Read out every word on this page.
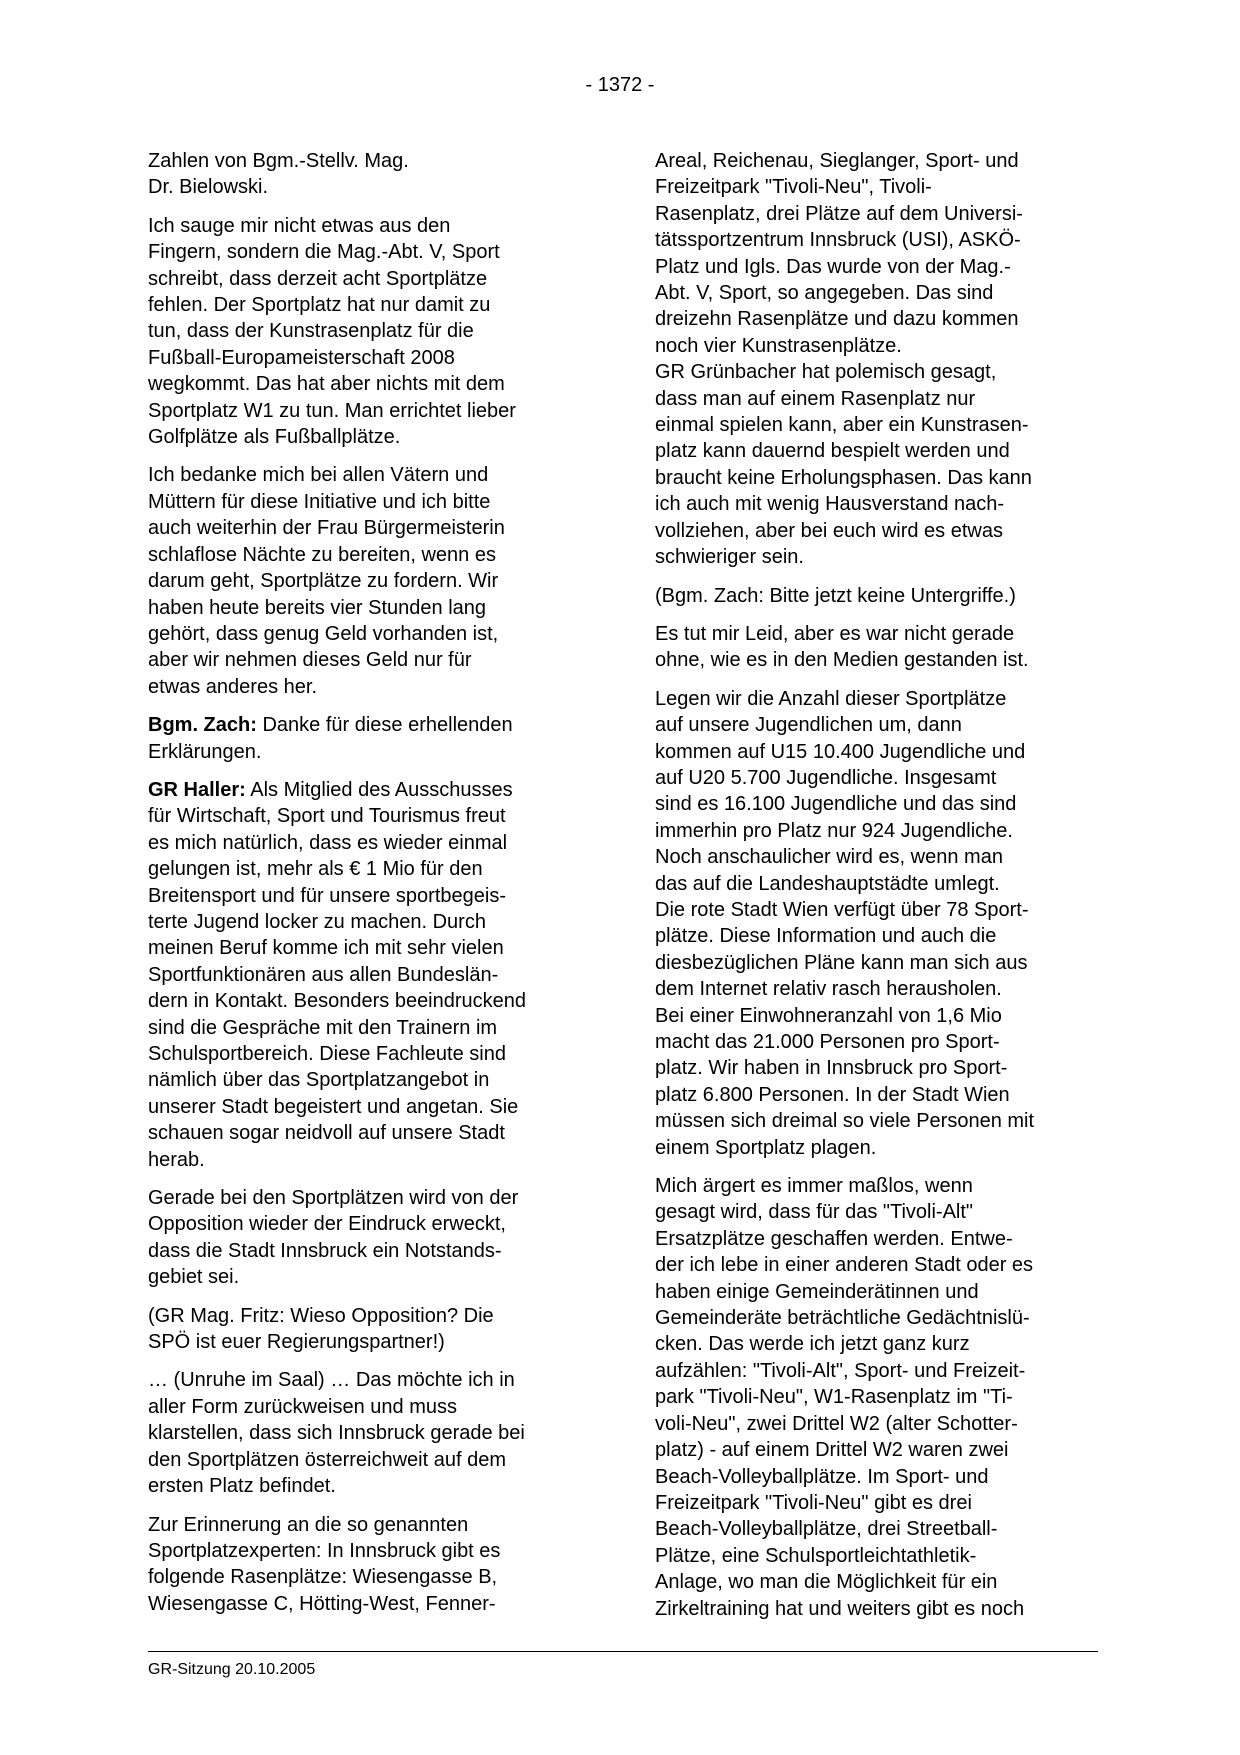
- 1372 -

Zahlen von Bgm.-Stellv. Mag.
Dr. Bielowski.

Ich sauge mir nicht etwas aus den
Fingern, sondern die Mag.-Abt. V, Sport
schreibt, dass derzeit acht Sportplätze
fehlen. Der Sportplatz hat nur damit zu
tun, dass der Kunstrasenplatz für die
Fußball-Europameisterschaft 2008
wegkommt. Das hat aber nichts mit dem
Sportplatz W1 zu tun. Man errichtet lieber
Golfplätze als Fußballplätze.

Ich bedanke mich bei allen Vätern und
Müttern für diese Initiative und ich bitte
auch weiterhin der Frau Bürgermeisterin
schlaflose Nächte zu bereiten, wenn es
darum geht, Sportplätze zu fordern. Wir
haben heute bereits vier Stunden lang
gehört, dass genug Geld vorhanden ist,
aber wir nehmen dieses Geld nur für
etwas anderes her.

Bgm. Zach: Danke für diese erhellenden
Erklärungen.

GR Haller: Als Mitglied des Ausschusses
für Wirtschaft, Sport und Tourismus freut
es mich natürlich, dass es wieder einmal
gelungen ist, mehr als € 1 Mio für den
Breitensport und für unsere sportbegeis-
terte Jugend locker zu machen. Durch
meinen Beruf komme ich mit sehr vielen
Sportfunktionären aus allen Bundeslän-
dern in Kontakt. Besonders beeindruckend
sind die Gespräche mit den Trainern im
Schulsportbereich. Diese Fachleute sind
nämlich über das Sportplatzangebot in
unserer Stadt begeistert und angetan. Sie
schauen sogar neidvoll auf unsere Stadt
herab.

Gerade bei den Sportplätzen wird von der
Opposition wieder der Eindruck erweckt,
dass die Stadt Innsbruck ein Notstands-
gebiet sei.

(GR Mag. Fritz: Wieso Opposition? Die
SPÖ ist euer Regierungspartner!)

… (Unruhe im Saal) … Das möchte ich in
aller Form zurückweisen und muss
klarstellen, dass sich Innsbruck gerade bei
den Sportplätzen österreichweit auf dem
ersten Platz befindet.

Zur Erinnerung an die so genannten
Sportplatzexperten: In Innsbruck gibt es
folgende Rasenplätze: Wiesengasse B,
Wiesengasse C, Hötting-West, Fenner-

Areal, Reichenau, Sieglanger, Sport- und
Freizeitpark "Tivoli-Neu", Tivoli-
Rasenplatz, drei Plätze auf dem Universi-
tätssportzentrum Innsbruck (USI), ASKÖ-
Platz und Igls. Das wurde von der Mag.-
Abt. V, Sport, so angegeben. Das sind
dreizehn Rasenplätze und dazu kommen
noch vier Kunstrasenplätze.

GR Grünbacher hat polemisch gesagt,
dass man auf einem Rasenplatz nur
einmal spielen kann, aber ein Kunstrasen-
platz kann dauernd bespielt werden und
braucht keine Erholungsphasen. Das kann
ich auch mit wenig Hausverstand nach-
vollziehen, aber bei euch wird es etwas
schwieriger sein.

(Bgm. Zach: Bitte jetzt keine Untergriffe.)

Es tut mir Leid, aber es war nicht gerade
ohne, wie es in den Medien gestanden ist.

Legen wir die Anzahl dieser Sportplätze
auf unsere Jugendlichen um, dann
kommen auf U15 10.400 Jugendliche und
auf U20 5.700 Jugendliche. Insgesamt
sind es 16.100 Jugendliche und das sind
immerhin pro Platz nur 924 Jugendliche.
Noch anschaulicher wird es, wenn man
das auf die Landeshauptstädte umlegt.
Die rote Stadt Wien verfügt über 78 Sport-
plätze. Diese Information und auch die
diesbezüglichen Pläne kann man sich aus
dem Internet relativ rasch herausholen.
Bei einer Einwohneranzahl von 1,6 Mio
macht das 21.000 Personen pro Sport-
platz. Wir haben in Innsbruck pro Sport-
platz 6.800 Personen. In der Stadt Wien
müssen sich dreimal so viele Personen mit
einem Sportplatz plagen.

Mich ärgert es immer maßlos, wenn
gesagt wird, dass für das "Tivoli-Alt"
Ersatzplätze geschaffen werden. Entwe-
der ich lebe in einer anderen Stadt oder es
haben einige Gemeinderätinnen und
Gemeinderäte beträchtliche Gedächtnislü-
cken. Das werde ich jetzt ganz kurz
aufzählen: "Tivoli-Alt", Sport- und Freizeit-
park "Tivoli-Neu", W1-Rasenplatz im "Ti-
voli-Neu", zwei Drittel W2 (alter Schotter-
platz) - auf einem Drittel W2 waren zwei
Beach-Volleyballplätze. Im Sport- und
Freizeitpark "Tivoli-Neu" gibt es drei
Beach-Volleyballplätze, drei Streetball-
Plätze, eine Schulsportleichtathletik-
Anlage, wo man die Möglichkeit für ein
Zirkeltraining hat und weiters gibt es noch

GR-Sitzung 20.10.2005
